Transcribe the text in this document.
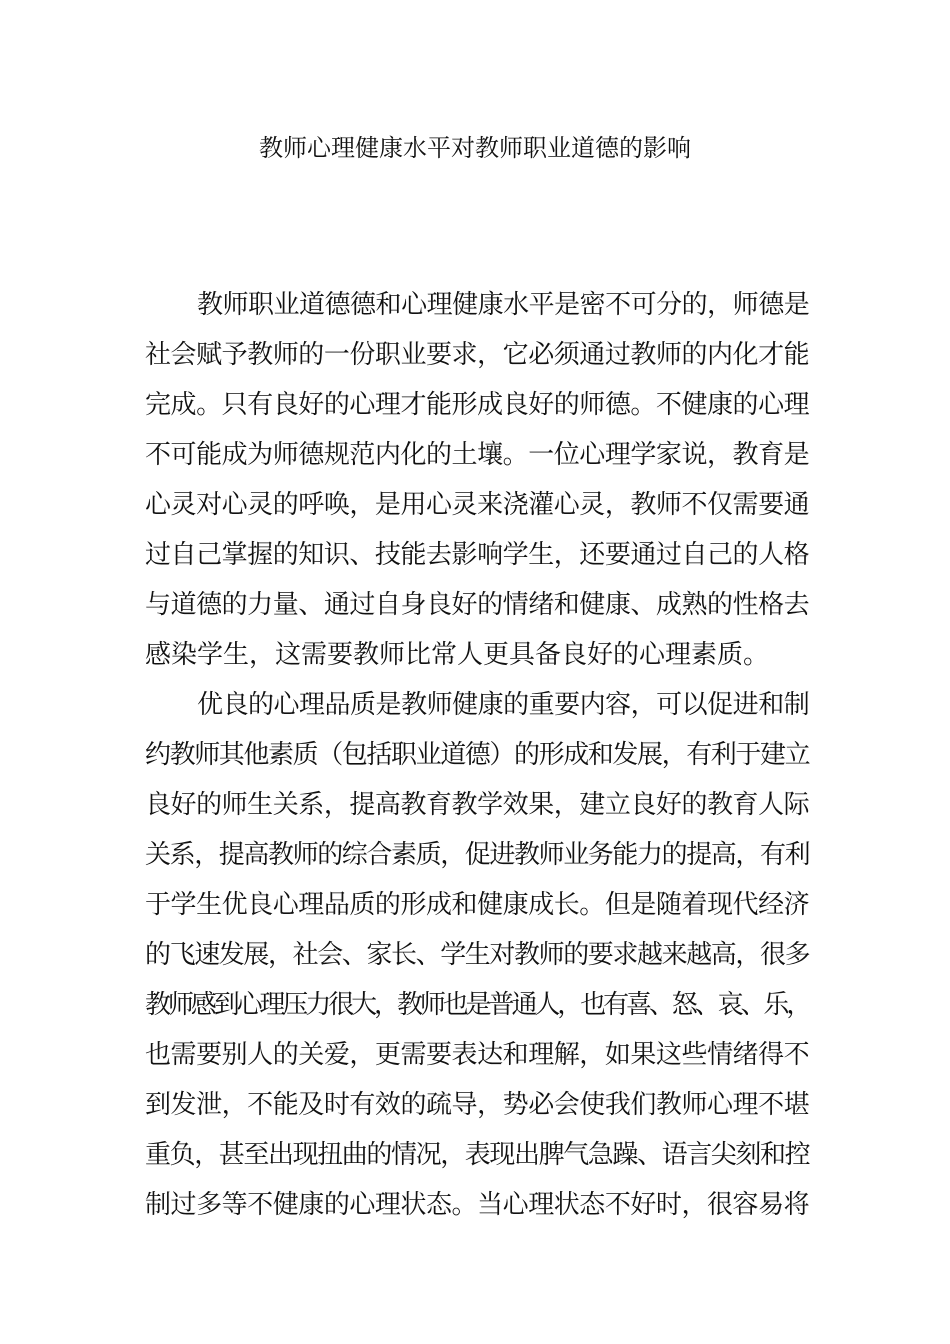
教师心理健康水平对教师职业道德的影响

教师职业道德德和心理健康水平是密不可分的，师德是
社会赋予教师的一份职业要求，它必须通过教师的内化才能
完成。只有良好的心理才能形成良好的师德。不健康的心理
不可能成为师德规范内化的土壤。一位心理学家说，教育是
心灵对心灵的呼唤，是用心灵来浇灌心灵，教师不仅需要通
过自己掌握的知识、技能去影响学生，还要通过自己的人格
与道德的力量、通过自身良好的情绪和健康、成熟的性格去
感染学生，这需要教师比常人更具备良好的心理素质。

优良的心理品质是教师健康的重要内容，可以促进和制
约教师其他素质（包括职业道德）的形成和发展，有利于建立
良好的师生关系，提高教育教学效果，建立良好的教育人际
关系，提高教师的综合素质，促进教师业务能力的提高，有利
于学生优良心理品质的形成和健康成长。但是随着现代经济
的飞速发展，社会、家长、学生对教师的要求越来越高，很多
教师感到心理压力很大，教师也是普通人，也有喜、怒、哀、乐，
也需要别人的关爱，更需要表达和理解，如果这些情绪得不
到发泄，不能及时有效的疏导，势必会使我们教师心理不堪
重负，甚至出现扭曲的情况，表现出脾气急躁、语言尖刻和控
制过多等不健康的心理状态。当心理状态不好时，很容易将
